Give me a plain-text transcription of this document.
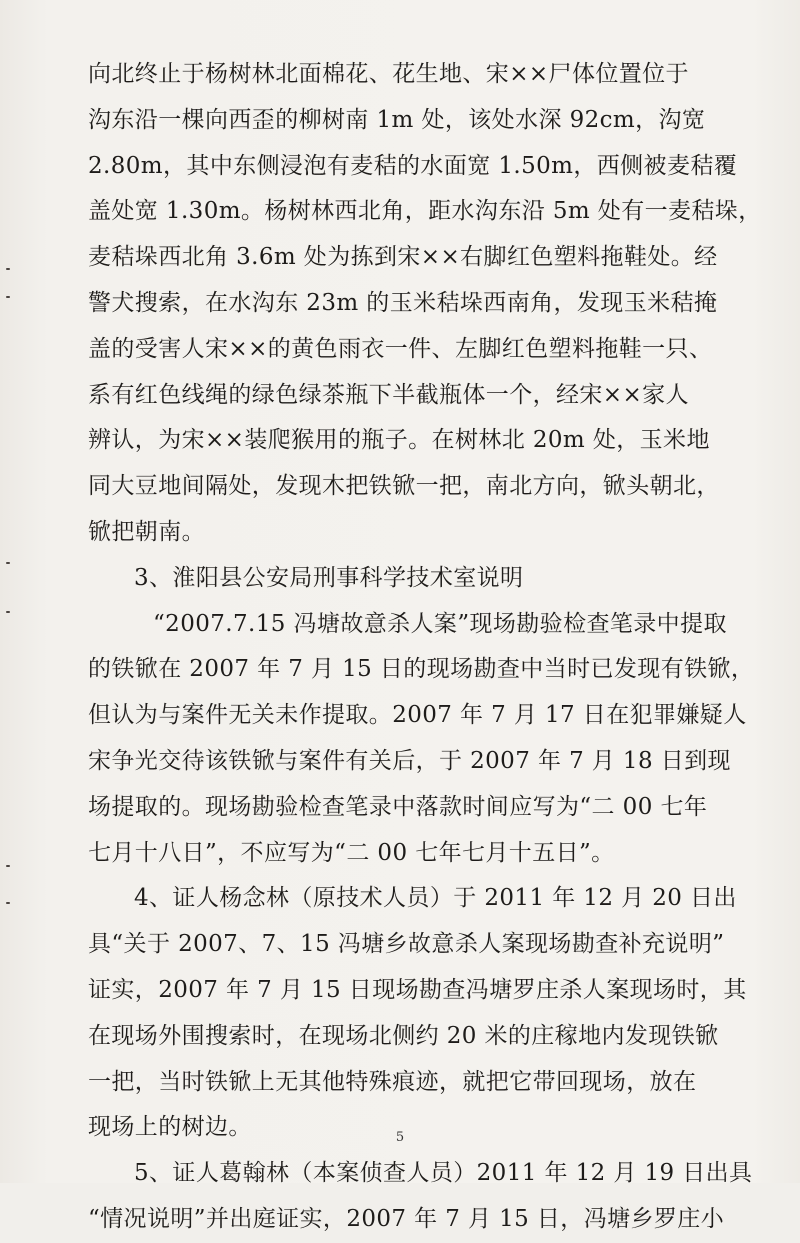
向北终止于杨树林北面棉花、花生地、宋××尸体位置位于
沟东沿一棵向西歪的柳树南 1m 处，该处水深 92cm，沟宽
2.80m，其中东侧浸泡有麦秸的水面宽 1.50m，西侧被麦秸覆
盖处宽 1.30m。杨树林西北角，距水沟东沿 5m 处有一麦秸垛，
麦秸垛西北角 3.6m 处为拣到宋××右脚红色塑料拖鞋处。经
警犬搜索，在水沟东 23m 的玉米秸垛西南角，发现玉米秸掩
盖的受害人宋××的黄色雨衣一件、左脚红色塑料拖鞋一只、
系有红色线绳的绿色绿茶瓶下半截瓶体一个，经宋××家人
辨认，为宋××装爬猴用的瓶子。在树林北 20m 处，玉米地
同大豆地间隔处，发现木把铁锨一把，南北方向，锨头朝北，
锨把朝南。
3、淮阳县公安局刑事科学技术室说明
“2007.7.15 冯塘故意杀人案”现场勘验检查笔录中提取
的铁锨在 2007 年 7 月 15 日的现场勘查中当时已发现有铁锨，
但认为与案件无关未作提取。2007 年 7 月 17 日在犯罪嫌疑人
宋争光交待该铁锨与案件有关后，于 2007 年 7 月 18 日到现
场提取的。现场勘验检查笔录中落款时间应写为“二 00 七年
七月十八日”，不应写为“二 00 七年七月十五日”。
4、证人杨念林（原技术人员）于 2011 年 12 月 20 日出
具“关于 2007、7、15 冯塘乡故意杀人案现场勘查补充说明”
证实，2007 年 7 月 15 日现场勘查冯塘罗庄杀人案现场时，其
在现场外围搜索时，在现场北侧约 20 米的庄稼地内发现铁锨
一把，当时铁锨上无其他特殊痕迹，就把它带回现场，放在
现场上的树边。
5、证人葛翰林（本案侦查人员）2011 年 12 月 19 日出具
“情况说明”并出庭证实，2007 年 7 月 15 日，冯塘乡罗庄小
5
